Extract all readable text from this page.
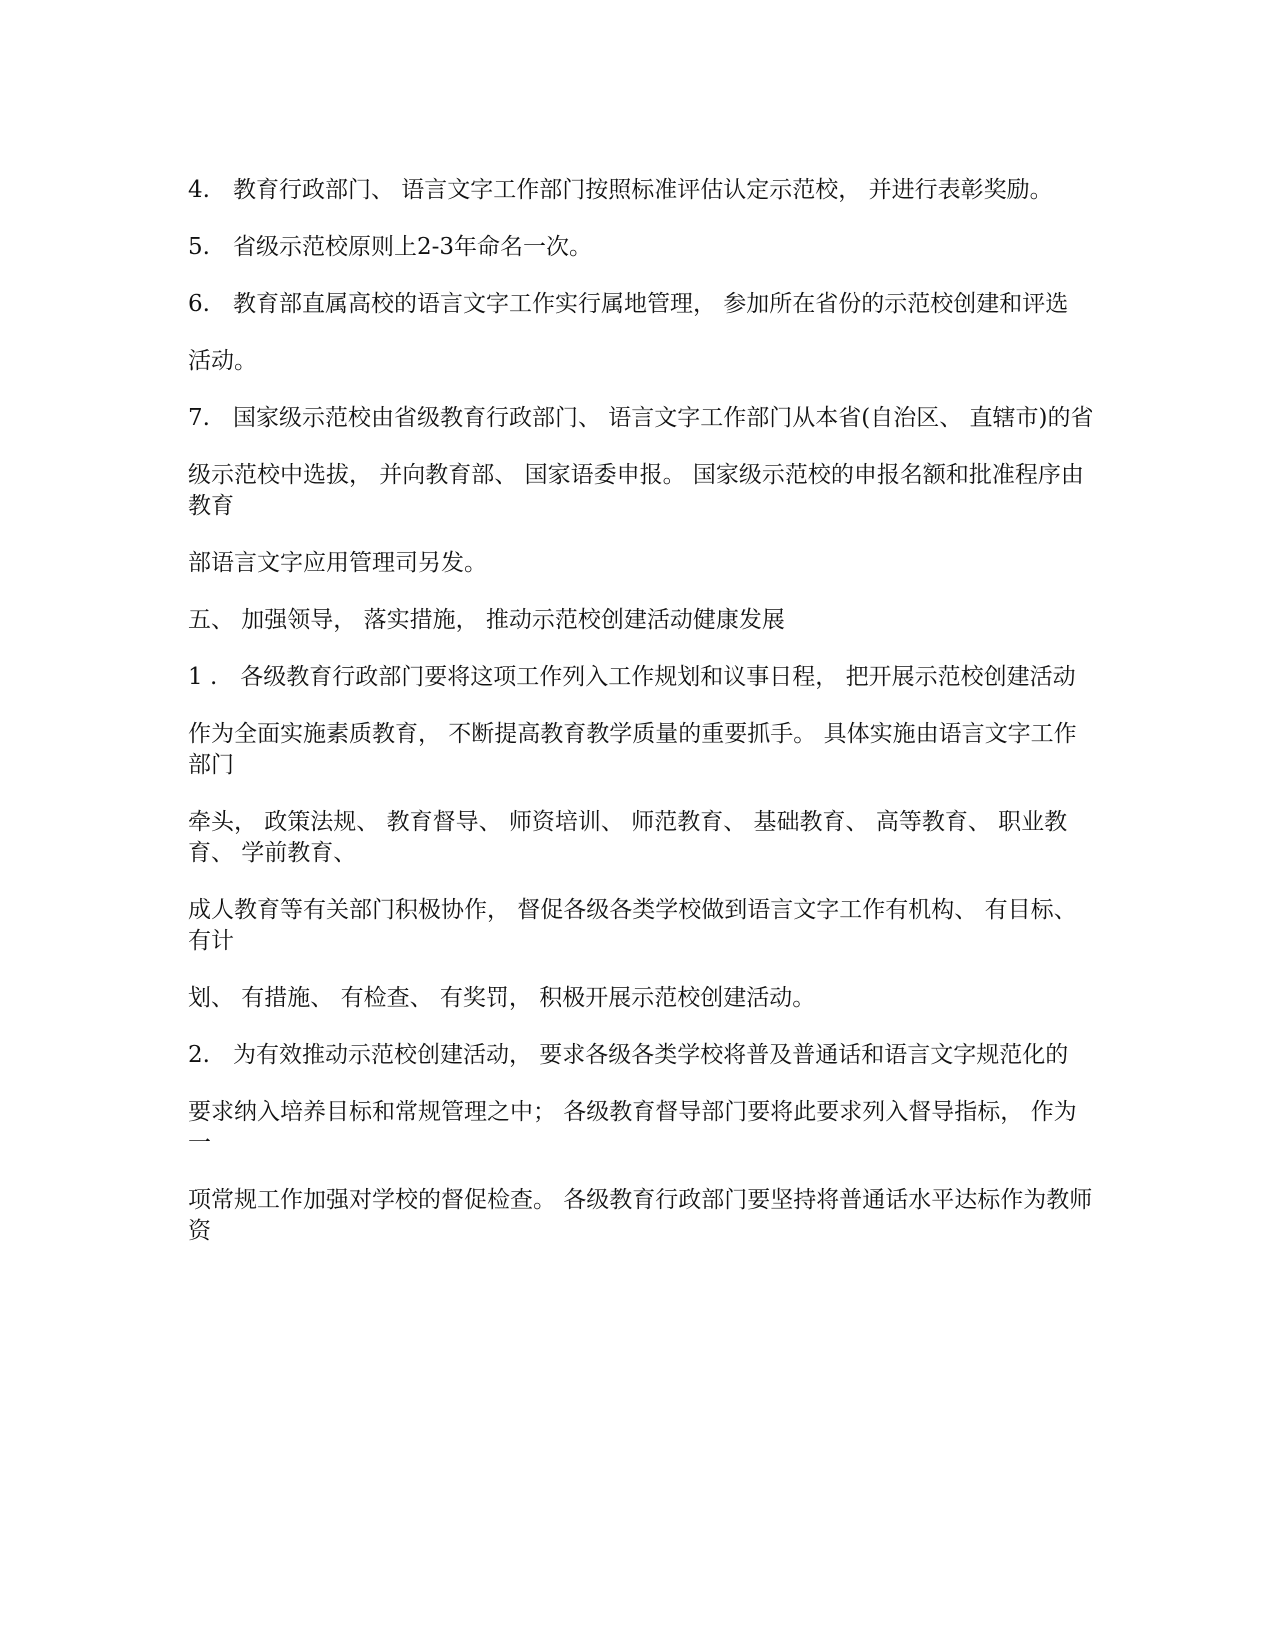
4.　教育行政部门、 语言文字工作部门按照标准评估认定示范校， 并进行表彰奖励。

5.　省级示范校原则上2-3年命名一次。

6.　教育部直属高校的语言文字工作实行属地管理， 参加所在省份的示范校创建和评选

活动。

7.　国家级示范校由省级教育行政部门、 语言文字工作部门从本省(自治区、 直辖市)的省

级示范校中选拔， 并向教育部、 国家语委申报。 国家级示范校的申报名额和批准程序由教育

部语言文字应用管理司另发。

五、 加强领导， 落实措施， 推动示范校创建活动健康发展

1 .　各级教育行政部门要将这项工作列入工作规划和议事日程， 把开展示范校创建活动

作为全面实施素质教育， 不断提高教育教学质量的重要抓手。 具体实施由语言文字工作部门

牵头， 政策法规、 教育督导、 师资培训、 师范教育、 基础教育、 高等教育、 职业教育、 学前教育、

成人教育等有关部门积极协作， 督促各级各类学校做到语言文字工作有机构、 有目标、 有计

划、 有措施、 有检查、 有奖罚， 积极开展示范校创建活动。

2.　为有效推动示范校创建活动， 要求各级各类学校将普及普通话和语言文字规范化的

要求纳入培养目标和常规管理之中； 各级教育督导部门要将此要求列入督导指标， 作为一

项常规工作加强对学校的督促检查。 各级教育行政部门要坚持将普通话水平达标作为教师资
